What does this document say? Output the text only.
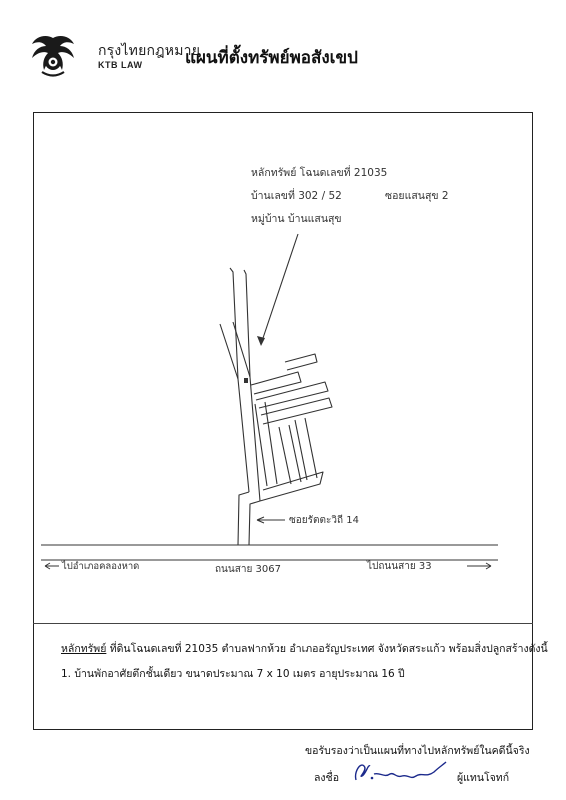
กรุงไทยกฎหมาย
KTB LAW	แผนที่ตั้งทรัพย์พอสังเขป
หลักทรัพย์ โฉนดเลขที่ 21035
บ้านเลขที่ 302 / 52	ซอยแสนสุข 2
หมู่บ้าน บ้านแสนสุข
ซอยรัตตะวิถี 14
ไปอำเภอคลองหาด	ถนนสาย 3067	ไปถนนสาย 33
หลักทรัพย์ ที่ดินโฉนดเลขที่ 21035 ตำบลฟากห้วย อำเภออรัญประเทศ จังหวัดสระแก้ว พร้อมสิ่งปลูกสร้างดังนี้
1. บ้านพักอาศัยตึกชั้นเดียว ขนาดประมาณ 7 x 10 เมตร อายุประมาณ 16 ปี
ขอรับรองว่าเป็นแผนที่ทางไปหลักทรัพย์ในคดีนี้จริง
ลงชื่อ	ผู้แทนโจทก์
